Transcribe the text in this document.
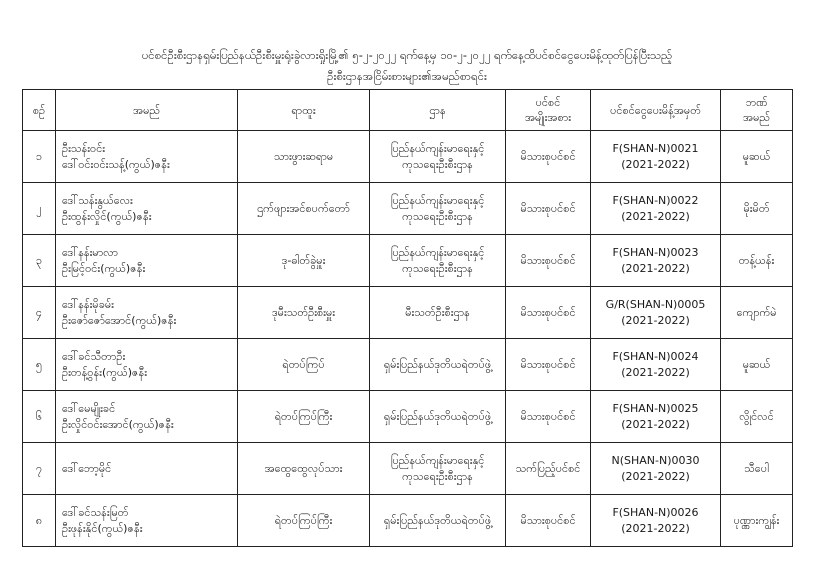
ပင်စင်ဦးစီးဌာနရှမ်းပြည်နယ်ဦးစီးမှူးရုံးခွဲလားရှိုးမြို့၏ ၅-၂-၂၀၂၂ ရက်နေ့မှ ၁၀-၂-၂၀၂၂ ရက်နေ့ထိပင်စင်ငွေပေးမိန့်ထုတ်ပြန်ပြီးသည့်
ဦးစီးဌာနအငြိမ်းစားများ၏အမည်စာရင်း
စဉ်	အမည်	ရာထူး	ဌာန	ပင်စင်
အမျိုးအစား	ပင်စင်ငွေပေးမိန့်အမှတ်	ဘဏ်
အမည်

၁	ဦးသန်းဝင်း
ဒေါ်ဝင်းဝင်းသန့်(ကွယ်)ဇနီး	သားဖွားဆရာမ	ပြည်နယ်ကျန်းမာရေးနှင့်
ကုသရေးဦးစီးဌာန	မိသားစုပင်စင်	F(SHAN-N)0021
(2021-2022)	မူဆယ်

၂	ဒေါ်သန်းနွယ်လေး
ဦးထွန်းလှိုင်(ကွယ်)ဇနီး	ဌက်ဖျားအင်စပက်တော်	ပြည်နယ်ကျန်းမာရေးနှင့်
ကုသရေးဦးစီးဌာန	မိသားစုပင်စင်	F(SHAN-N)0022
(2021-2022)	မိုးမိတ်

၃	ဒေါ်နန်းမာလာ
ဦးမြင့်ဝင်း(ကွယ်)ဇနီး	ဒု-ဓါတ်ခွဲမှူး	ပြည်နယ်ကျန်းမာရေးနှင့်
ကုသရေးဦးစီးဌာန	မိသားစုပင်စင်	F(SHAN-N)0023
(2021-2022)	တန့်ယန်း

၄	ဒေါ်နန်းမိုခမ်း
ဦးဇော်ဇော်အောင်(ကွယ်)ဇနီး	ဒုမီးသတ်ဦးစီးမှူး	မီးသတ်ဦးစီးဌာန	မိသားစုပင်စင်	G/R(SHAN-N)0005
(2021-2022)	ကျောက်မဲ

၅	ဒေါ်ခင်သီတာဦး
ဦးတန့်ဝွန်း(ကွယ်)ဇနီး	ရဲတပ်ကြပ်	ရှမ်းပြည်နယ်ဒုတိယရဲတပ်ဖွဲ့	မိသားစုပင်စင်	F(SHAN-N)0024
(2021-2022)	မူဆယ်

၆	ဒေါ်မေမျိုးခင်
ဦးလှိုင်ဝင်းအောင်(ကွယ်)ဇနီး	ရဲတပ်ကြပ်ကြီး	ရှမ်းပြည်နယ်ဒုတိယရဲတပ်ဖွဲ့	မိသားစုပင်စင်	F(SHAN-N)0025
(2021-2022)	လွိုင်လင်

၇	ဒေါ်ဘော့မိုင်	အထွေထွေလုပ်သား	ပြည်နယ်ကျန်းမာရေးနှင့်
ကုသရေးဦးစီးဌာန	သက်ပြည့်ပင်စင်	N(SHAN-N)0030
(2021-2022)	သီပေါ

၈	ဒေါ်ခင်သန်းမြတ်
ဦးဖုန်းနိုင်(ကွယ်)ဇနီး	ရဲတပ်ကြပ်ကြီး	ရှမ်းပြည်နယ်ဒုတိယရဲတပ်ဖွဲ့	မိသားစုပင်စင်	F(SHAN-N)0026
(2021-2022)	ပုဏ္ဏားကျွန်း
